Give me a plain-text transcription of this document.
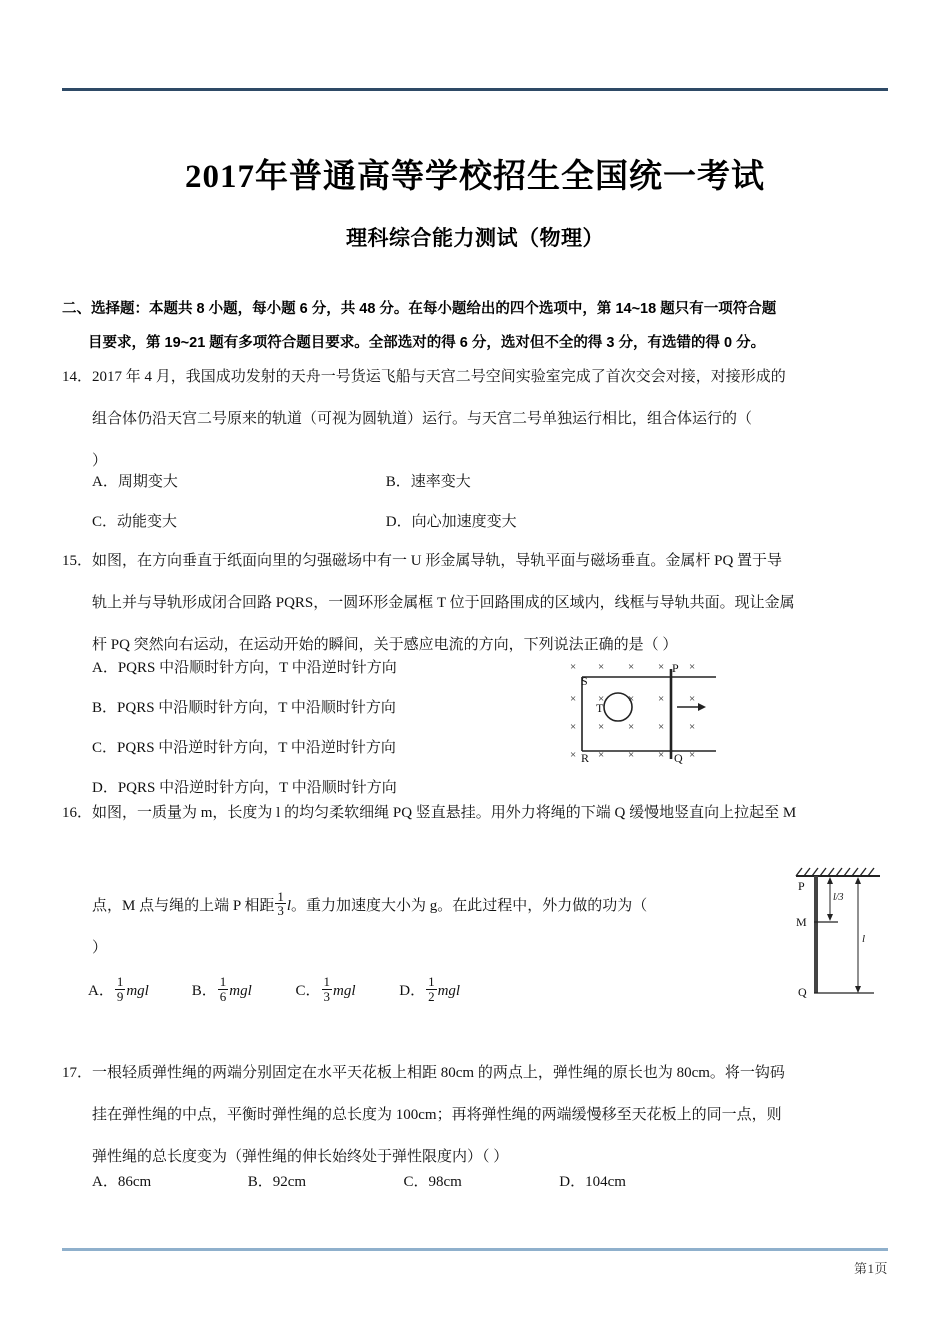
2017年普通高等学校招生全国统一考试
理科综合能力测试（物理）
二、选择题：本题共 8 小题，每小题 6 分，共 48 分。在每小题给出的四个选项中，第 14~18 题只有一项符合题
目要求，第 19~21 题有多项符合题目要求。全部选对的得 6 分，选对但不全的得 3 分，有选错的得 0 分。
14．2017 年 4 月，我国成功发射的天舟一号货运飞船与天宫二号空间实验室完成了首次交会对接，对接形成的
组合体仍沿天宫二号原来的轨道（可视为圆轨道）运行。与天宫二号单独运行相比，组合体运行的（
）
A．周期变大	B．速率变大
C．动能变大	D．向心加速度变大
15．如图，在方向垂直于纸面向里的匀强磁场中有一 U 形金属导轨，导轨平面与磁场垂直。金属杆 PQ 置于导
轨上并与导轨形成闭合回路 PQRS，一圆环形金属框 T 位于回路围成的区域内，线框与导轨共面。现让金属
杆 PQ 突然向右运动，在运动开始的瞬间，关于感应电流的方向，下列说法正确的是（ ）
A．PQRS 中沿顺时针方向，T 中沿逆时针方向
B．PQRS 中沿顺时针方向，T 中沿顺时针方向
C．PQRS 中沿逆时针方向，T 中沿逆时针方向
D．PQRS 中沿逆时针方向，T 中沿顺时针方向
× × × × ×
× × × × ×
× × × × ×
× × × × ×
S
P
R	Q
T
16．如图，一质量为 m，长度为 l 的均匀柔软细绳 PQ 竖直悬挂。用外力将绳的下端 Q 缓慢地竖直向上拉起至 M
点，M 点与绳的上端 P 相距 $\frac{1}{3}$ l。重力加速度大小为 g。在此过程中，外力做的功为（
）
A． $\frac{1}{9}$ mgl	B． $\frac{1}{6}$ mgl	C． $\frac{1}{3}$ mgl	D． $\frac{1}{2}$ mgl
P
M
Q
l/3
l
17．一根轻质弹性绳的两端分别固定在水平天花板上相距 80cm 的两点上，弹性绳的原长也为 80cm。将一钩码
挂在弹性绳的中点，平衡时弹性绳的总长度为 100cm；再将弹性绳的两端缓慢移至天花板上的同一点，则
弹性绳的总长度变为（弹性绳的伸长始终处于弹性限度内）（ ）
A．86cm	B．92cm	C．98cm	D．104cm
第1页
